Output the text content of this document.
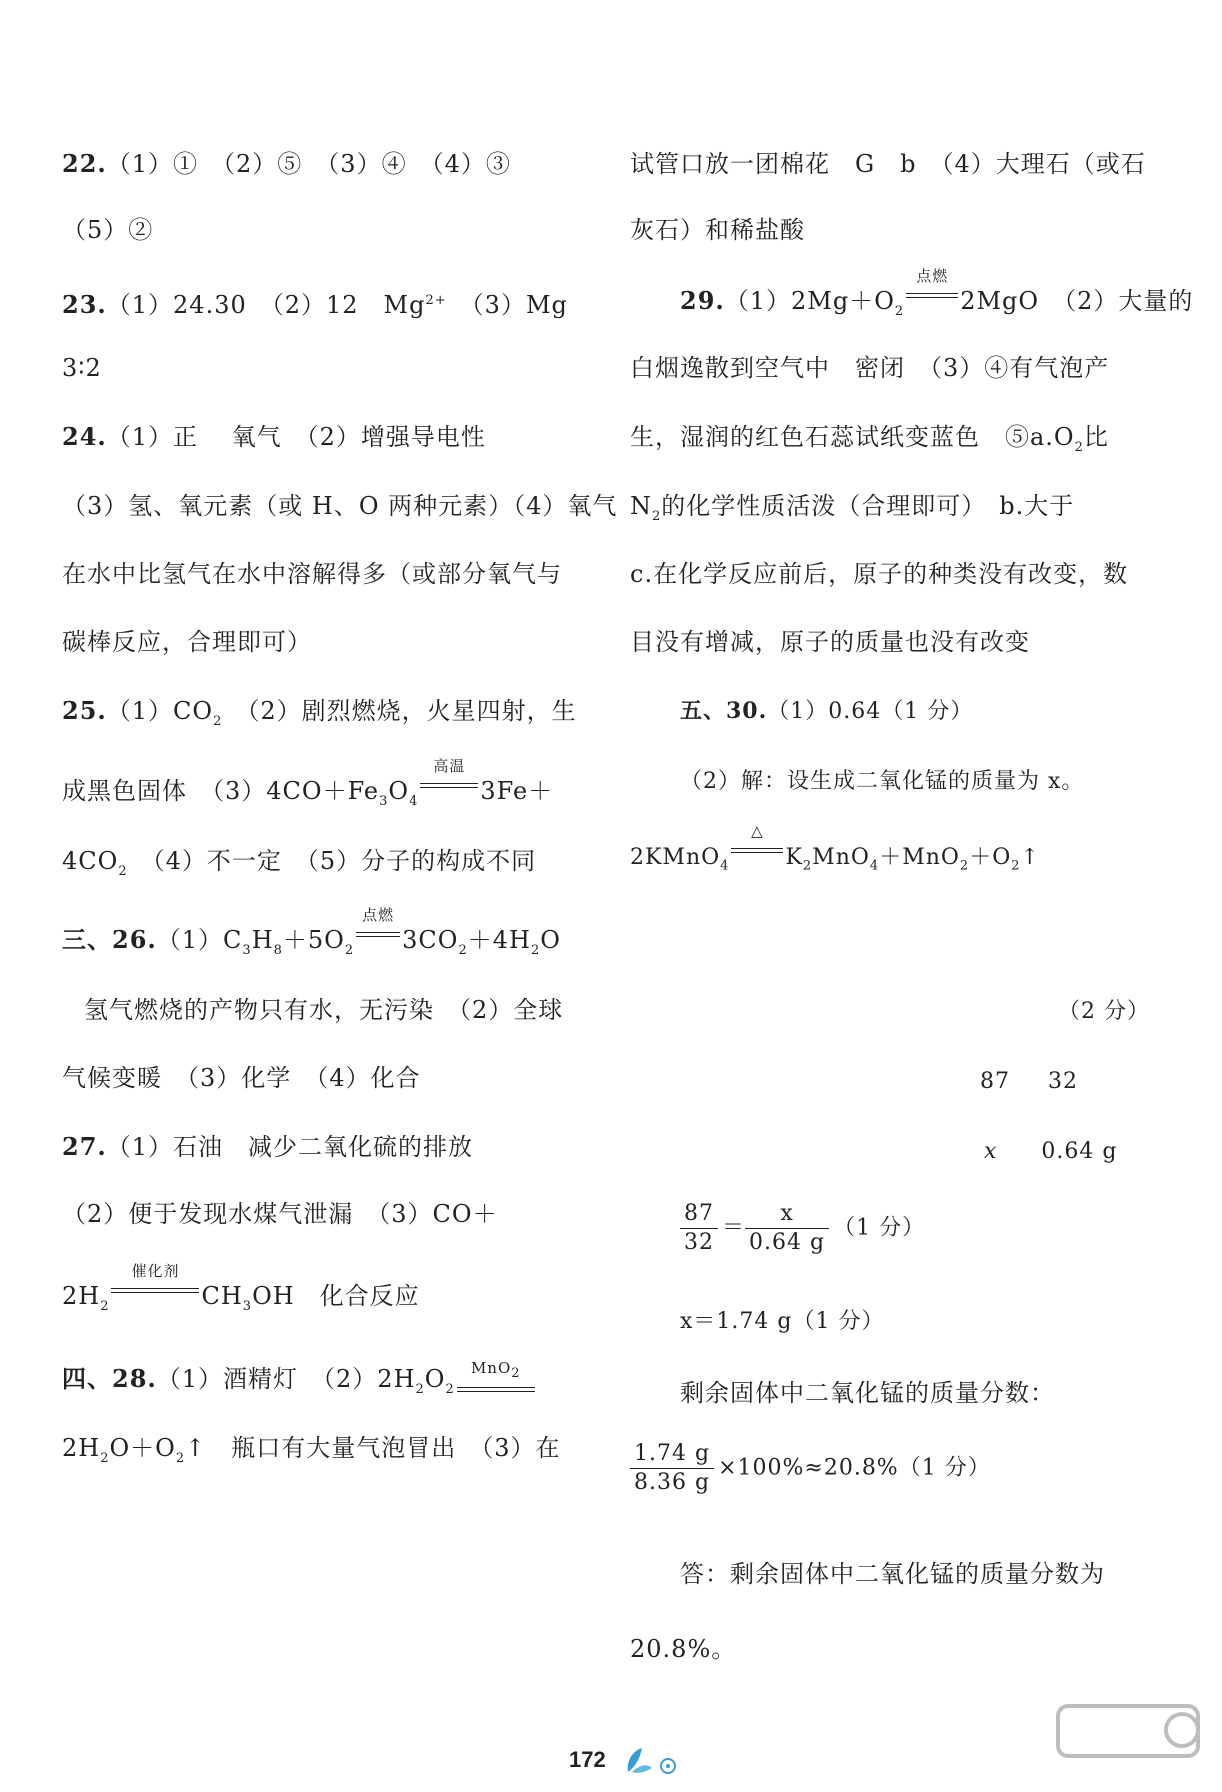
22.（1）①　（2）⑤　（3）④　（4）③
（5）②
23.（1）24.30　（2）12　$Mg^{2+}$　（3）Mg
3∶2
24.（1）正　 氧气　（2）增强导电性
（3）氢、氧元素（或 H、O 两种元素）（4）氧气
在水中比氢气在水中溶解得多（或部分氧气与
碳棒反应，合理即可）
$25.(1)CO_2$　（2）剧烈燃烧，火星四射，生
成黑色固体　$(3)4CO+Fe_3O_4$
高温
3Fe＋
$4CO_2$　（4）不一定　（5）分子的构成不同
三、$26.(1)C_3H_8+5O_2$
点燃
$3CO_2+4H_2O$
氢气燃烧的产物只有水，无污染　（2）全球
气候变暖　（3）化学　（4）化合
27.（1）石油　减少二氧化硫的排放
（2）便于发现水煤气泄漏　（3）CO＋
$2H_2$
催化剂
$CH_3OH$　化合反应
四、28.（1）酒精灯　$(2)2H_2O_2$
MnO$_2$
$2H_2O+O_2↑$　瓶口有大量气泡冒出　（3）在
试管口放一团棉花　G　b　（4）大理石（或石
灰石）和稀盐酸
$29.(1)2Mg+O_2$
点燃
2MgO　（2）大量的
白烟逸散到空气中　密闭　（3）④有气泡产
生，湿润的红色石蕊试纸变蓝色　$⑤a.O_2$比
$N_2$的化学性质活泼（合理即可）　b.大于
c.在化学反应前后，原子的种类没有改变，数
目没有增减，原子的质量也没有改变
五、30.（1）0.64（1 分）
（2）解：设生成二氧化锰的质量为 x。
2KMnO$_4$
△
$K_2MnO_4+MnO_2+O_2↑$
（2 分）
87 32
x 0.64 g
$\frac{87}{32} = \frac{x}{0.64 g} (1$ 分）
x＝1.74 g（1 分）
剩余固体中二氧化锰的质量分数：
$\frac{1.74 g}{8.36 g} \times 100\%\approx 20.8\%(1$ 分）
答：剩余固体中二氧化锰的质量分数为
20.8%。
172
